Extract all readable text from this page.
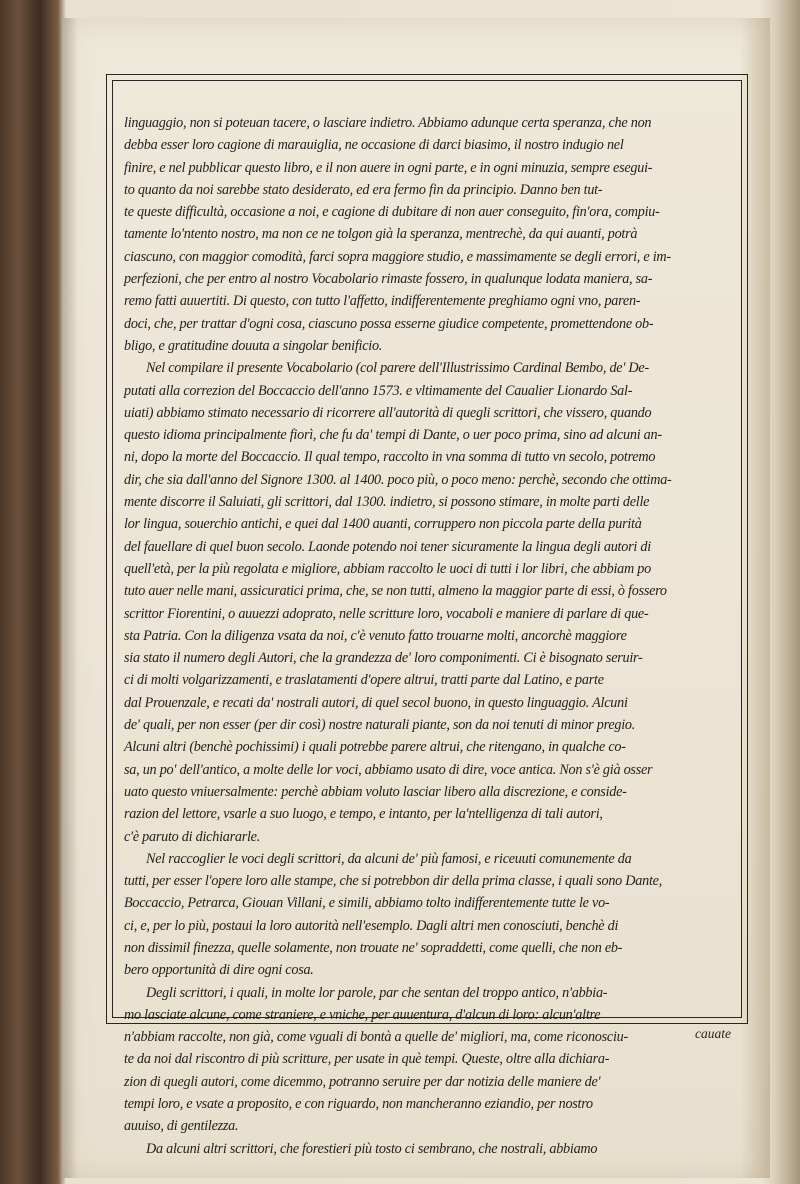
linguaggio, non si poteuan tacere, o lasciare indietro. Abbiamo adunque certa speranza, che non
debba esser loro cagione di marauiglia, ne occasione di darci biasimo, il nostro indugio nel
finire, e nel pubblicar questo libro, e il non auere in ogni parte, e in ogni minuzia, sempre esegui-
to quanto da noi sarebbe stato desiderato, ed era fermo fin da principio. Danno ben tut-
te queste difficultà, occasione a noi, e cagione di dubitare di non auer conseguito, fin'ora, compiu-
tamente lo'ntento nostro, ma non ce ne tolgon già la speranza, mentrechè, da qui auanti, potrà
ciascuno, con maggior comodità, farci sopra maggiore studio, e massimamente se degli errori, e im-
perfezioni, che per entro al nostro Vocabolario rimaste fossero, in qualunque lodata maniera, sa-
remo fatti auuertiti. Di questo, con tutto l'affetto, indifferentemente preghiamo ogni vno, paren-
doci, che, per trattar d'ogni cosa, ciascuno possa esserne giudice competente, promettendone ob-
bligo, e gratitudine douuta a singolar benificio.
Nel compilare il presente Vocabolario (col parere dell'Illustrissimo Cardinal Bembo, de' De-
putati alla correzion del Boccaccio dell'anno 1573. e vltimamente del Caualier Lionardo Sal-
uiati) abbiamo stimato necessario di ricorrere all'autorità di quegli scrittori, che vissero, quando
questo idioma principalmente fiorì, che fu da' tempi di Dante, o uer poco prima, sino ad alcuni an-
ni, dopo la morte del Boccaccio. Il qual tempo, raccolto in vna somma di tutto vn secolo, potremo
dir, che sia dall'anno del Signore 1300. al 1400. poco più, o poco meno: perchè, secondo che ottima-
mente discorre il Saluiati, gli scrittori, dal 1300. indietro, si possono stimare, in molte parti delle
lor lingua, souerchio antichi, e quei dal 1400 auanti, corruppero non piccola parte della purità
del fauellare di quel buon secolo. Laonde potendo noi tener sicuramente la lingua degli autori di
quell'età, per la più regolata e migliore, abbiam raccolto le uoci di tutti i lor libri, che abbiam po
tuto auer nelle mani, assicuratici prima, che, se non tutti, almeno la maggior parte di essi, ò fossero
scrittor Fiorentini, o auuezzi adoprato, nelle scritture loro, vocaboli e maniere di parlare di que-
sta Patria. Con la diligenza vsata da noi, c'è venuto fatto trouarne molti, ancorchè maggiore
sia stato il numero degli Autori, che la grandezza de' loro componimenti. Ci è bisognato seruir-
ci di molti volgarizzamenti, e traslatamenti d'opere altrui, tratti parte dal Latino, e parte
dal Prouenzale, e recati da' nostrali autori, di quel secol buono, in questo linguaggio. Alcuni
de' quali, per non esser (per dir così) nostre naturali piante, son da noi tenuti di minor pregio.
Alcuni altri (benchè pochissimi) i quali potrebbe parere altrui, che ritengano, in qualche co-
sa, un po' dell'antico, a molte delle lor voci, abbiamo usato di dire, voce antica. Non s'è già osser
uato questo vniuersalmente: perchè abbiam voluto lasciar libero alla discrezione, e conside-
razion del lettore, vsarle a suo luogo, e tempo, e intanto, per la'ntelligenza di tali autori,
c'è paruto di dichiararle.
Nel raccoglier le voci degli scrittori, da alcuni de' più famosi, e riceuuti comunemente da
tutti, per esser l'opere loro alle stampe, che si potrebbon dir della prima classe, i quali sono Dante,
Boccaccio, Petrarca, Giouan Villani, e simili, abbiamo tolto indifferentemente tutte le vo-
ci, e, per lo più, postaui la loro autorità nell'esemplo. Dagli altri men conosciuti, benchè di
non dissimil finezza, quelle solamente, non trouate ne' sopraddetti, come quelli, che non eb-
bero opportunità di dire ogni cosa.
Degli scrittori, i quali, in molte lor parole, par che sentan del troppo antico, n'abbia-
mo lasciate alcune, come straniere, e vniche, per auuentura, d'alcun di loro: alcun'altre
n'abbiam raccolte, non già, come vguali di bontà a quelle de' migliori, ma, come riconosciu-
te da noi dal riscontro di più scritture, per usate in què tempi. Queste, oltre alla dichiara-
zion di quegli autori, come dicemmo, potranno seruire per dar notizia delle maniere de'
tempi loro, e vsate a proposito, e con riguardo, non mancheranno eziandio, per nostro
auuiso, di gentilezza.
Da alcuni altri scrittori, che forestieri più tosto ci sembrano, che nostrali, abbiamo
cauate
